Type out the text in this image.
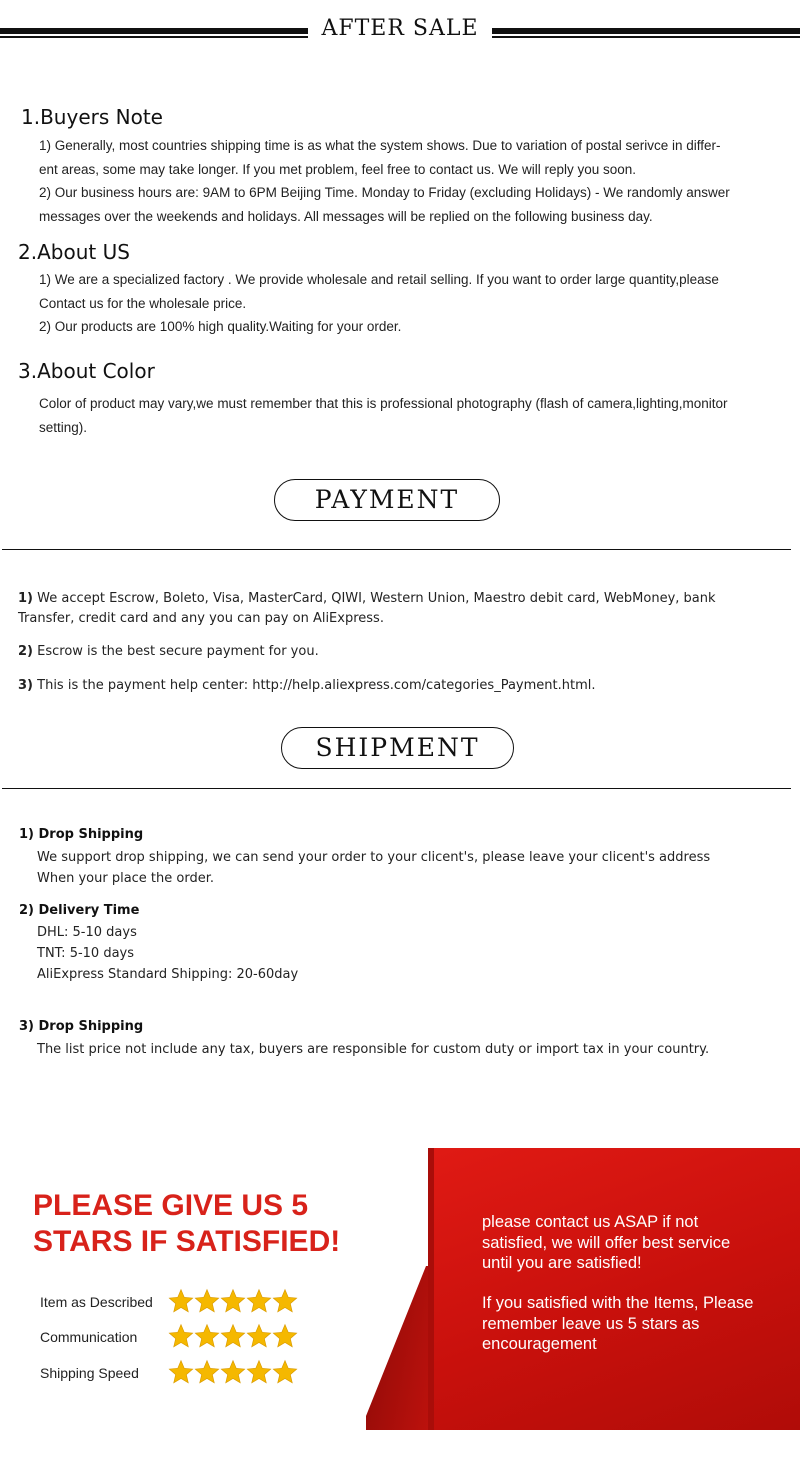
AFTER SALE
1.Buyers Note
1) Generally, most countries shipping time is as what the system shows. Due to variation of postal serivce in differ-
ent areas, some may take longer. If you met problem, feel free to contact us. We will reply you soon.
2) Our business hours are: 9AM to 6PM Beijing Time. Monday to Friday (excluding Holidays) - We randomly answer
messages over the weekends and holidays. All messages will be replied on the following business day.
2.About US
1) We are a specialized factory . We provide wholesale and retail selling. If you want to order large quantity,please
Contact us for the wholesale price.
2) Our products are 100% high quality.Waiting for your order.
3.About Color
Color of product may vary,we must remember that this is professional photography (flash of camera,lighting,monitor
setting).
PAYMENT
1) We accept Escrow, Boleto, Visa, MasterCard, QIWI, Western Union, Maestro debit card, WebMoney, bank
Transfer, credit card and any you can pay on AliExpress.
2) Escrow is the best secure payment for you.
3) This is the payment help center: http://help.aliexpress.com/categories_Payment.html.
SHIPMENT
1) Drop Shipping
We support drop shipping, we can send your order to your clicent's, please leave your clicent's address
When your place the order.
2) Delivery Time
DHL: 5-10 days
TNT: 5-10 days
AliExpress Standard Shipping: 20-60day
3) Drop Shipping
The list price not include any tax, buyers are responsible for custom duty or import tax in your country.
PLEASE GIVE US 5
STARS IF SATISFIED!
Item as Described
Communication
Shipping Speed
please contact us ASAP if not
satisfied, we will offer best service
until you are satisfied!
If you satisfied with the Items, Please
remember leave us 5 stars as
encouragement
